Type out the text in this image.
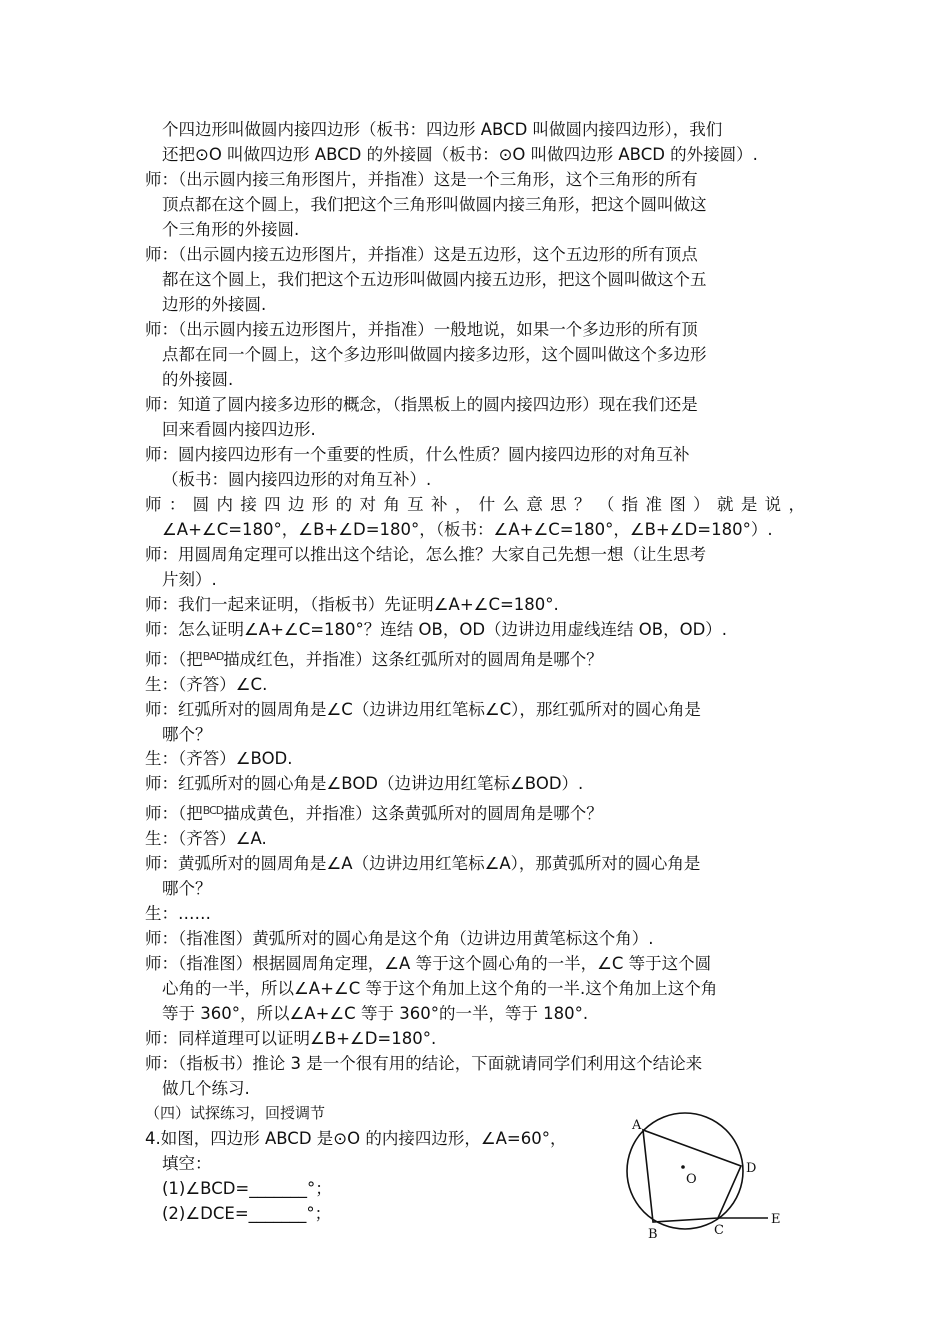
个四边形叫做圆内接四边形（板书：四边形 ABCD 叫做圆内接四边形），我们
还把⊙O 叫做四边形 ABCD 的外接圆（板书：⊙O 叫做四边形 ABCD 的外接圆）.
师：（出示圆内接三角形图片，并指准）这是一个三角形，这个三角形的所有
顶点都在这个圆上，我们把这个三角形叫做圆内接三角形，把这个圆叫做这
个三角形的外接圆.
师：（出示圆内接五边形图片，并指准）这是五边形，这个五边形的所有顶点
都在这个圆上，我们把这个五边形叫做圆内接五边形，把这个圆叫做这个五
边形的外接圆.
师：（出示圆内接五边形图片，并指准）一般地说，如果一个多边形的所有顶
点都在同一个圆上，这个多边形叫做圆内接多边形，这个圆叫做这个多边形
的外接圆.
师：知道了圆内接多边形的概念，（指黑板上的圆内接四边形）现在我们还是
回来看圆内接四边形.
师：圆内接四边形有一个重要的性质，什么性质？圆内接四边形的对角互补
（板书：圆内接四边形的对角互补）.
师：圆内接四边形的对角互补，什么意思？（指准图）就是说，
∠A+∠C=180°，∠B+∠D=180°，（板书：∠A+∠C=180°，∠B+∠D=180°）.
师：用圆周角定理可以推出这个结论，怎么推？大家自己先想一想（让生思考
片刻）.
师：我们一起来证明，（指板书）先证明∠A+∠C=180°.
师：怎么证明∠A+∠C=180°？连结 OB，OD（边讲边用虚线连结 OB，OD）.
师：（把$^{BAD}$描成红色，并指准）这条红弧所对的圆周角是哪个？
生：（齐答）∠C.
师：红弧所对的圆周角是∠C（边讲边用红笔标∠C），那红弧所对的圆心角是
哪个？
生：（齐答）∠BOD.
师：红弧所对的圆心角是∠BOD（边讲边用红笔标∠BOD）.
师：（把$^{BCD}$描成黄色，并指准）这条黄弧所对的圆周角是哪个？
生：（齐答）∠A.
师：黄弧所对的圆周角是∠A（边讲边用红笔标∠A），那黄弧所对的圆心角是
哪个？
生：……
师：（指准图）黄弧所对的圆心角是这个角（边讲边用黄笔标这个角）.
师：（指准图）根据圆周角定理，∠A 等于这个圆心角的一半，∠C 等于这个圆
心角的一半，所以∠A+∠C 等于这个角加上这个角的一半.这个角加上这个角
等于 360°，所以∠A+∠C 等于 360°的一半，等于 180°.
师：同样道理可以证明∠B+∠D=180°.
师：（指板书）推论 3 是一个很有用的结论，下面就请同学们利用这个结论来
做几个练习.
（四）试探练习，回授调节
4.如图，四边形 ABCD 是⊙O 的内接四边形，∠A=60°，
填空：
(1)∠BCD=_______°；
(2)∠DCE=_______°；
A
B	C
D
E
O
